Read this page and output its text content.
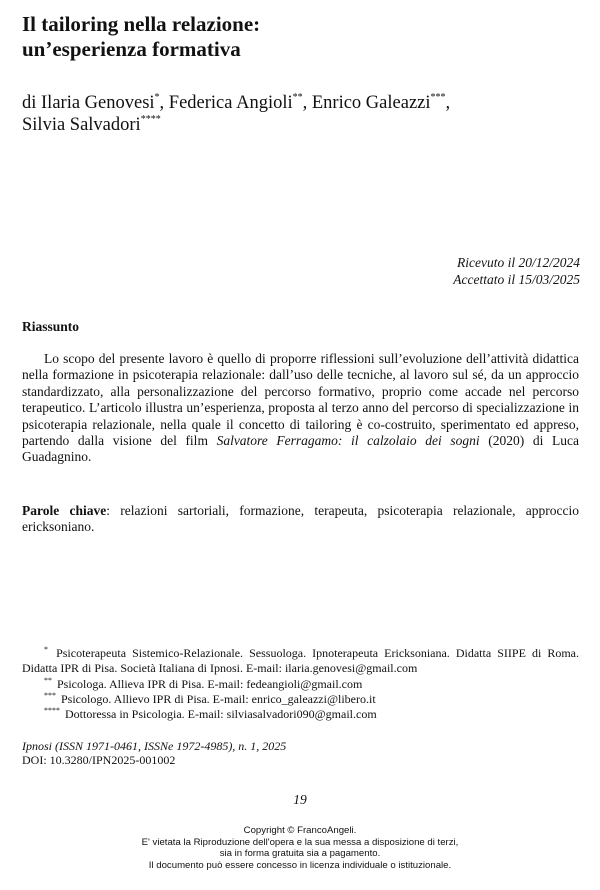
Il tailoring nella relazione:
un’esperienza formativa
di Ilaria Genovesi*, Federica Angioli**, Enrico Galeazzi***,
Silvia Salvadori****
Ricevuto il 20/12/2024
Accettato il 15/03/2025
Riassunto

Lo scopo del presente lavoro è quello di proporre riflessioni sull’evoluzione dell’attività didattica nella formazione in psicoterapia relazionale: dall’uso delle tecniche, al lavoro sul sé, da un approccio standardizzato, alla personalizzazione del percorso formativo, proprio come accade nel percorso terapeutico. L’articolo illustra un’esperienza, proposta al terzo anno del percorso di specializzazione in psicoterapia relazionale, nella quale il concetto di tailoring è co-costruito, sperimentato ed appreso, partendo dalla visione del film Salvatore Ferragamo: il calzolaio dei sogni (2020) di Luca Guadagnino.

Parole chiave: relazioni sartoriali, formazione, terapeuta, psicoterapia relazionale, approccio ericksoniano.

* Psicoterapeuta Sistemico-Relazionale. Sessuologa. Ipnoterapeuta Ericksoniana. Didatta SIIPE di Roma. Didatta IPR di Pisa. Società Italiana di Ipnosi. E-mail: ilaria.genovesi@gmail.com

** Psicologa. Allieva IPR di Pisa. E-mail: fedeangioli@gmail.com

*** Psicologo. Allievo IPR di Pisa. E-mail: enrico_galeazzi@libero.it

**** Dottoressa in Psicologia. E-mail: silviasalvadori090@gmail.com

Ipnosi (ISSN 1971-0461, ISSNe 1972-4985), n. 1, 2025
DOI: 10.3280/IPN2025-001002
19
Copyright © FrancoAngeli.
E' vietata la Riproduzione dell'opera e la sua messa a disposizione di terzi,
sia in forma gratuita sia a pagamento.
Il documento può essere concesso in licenza individuale o istituzionale.
